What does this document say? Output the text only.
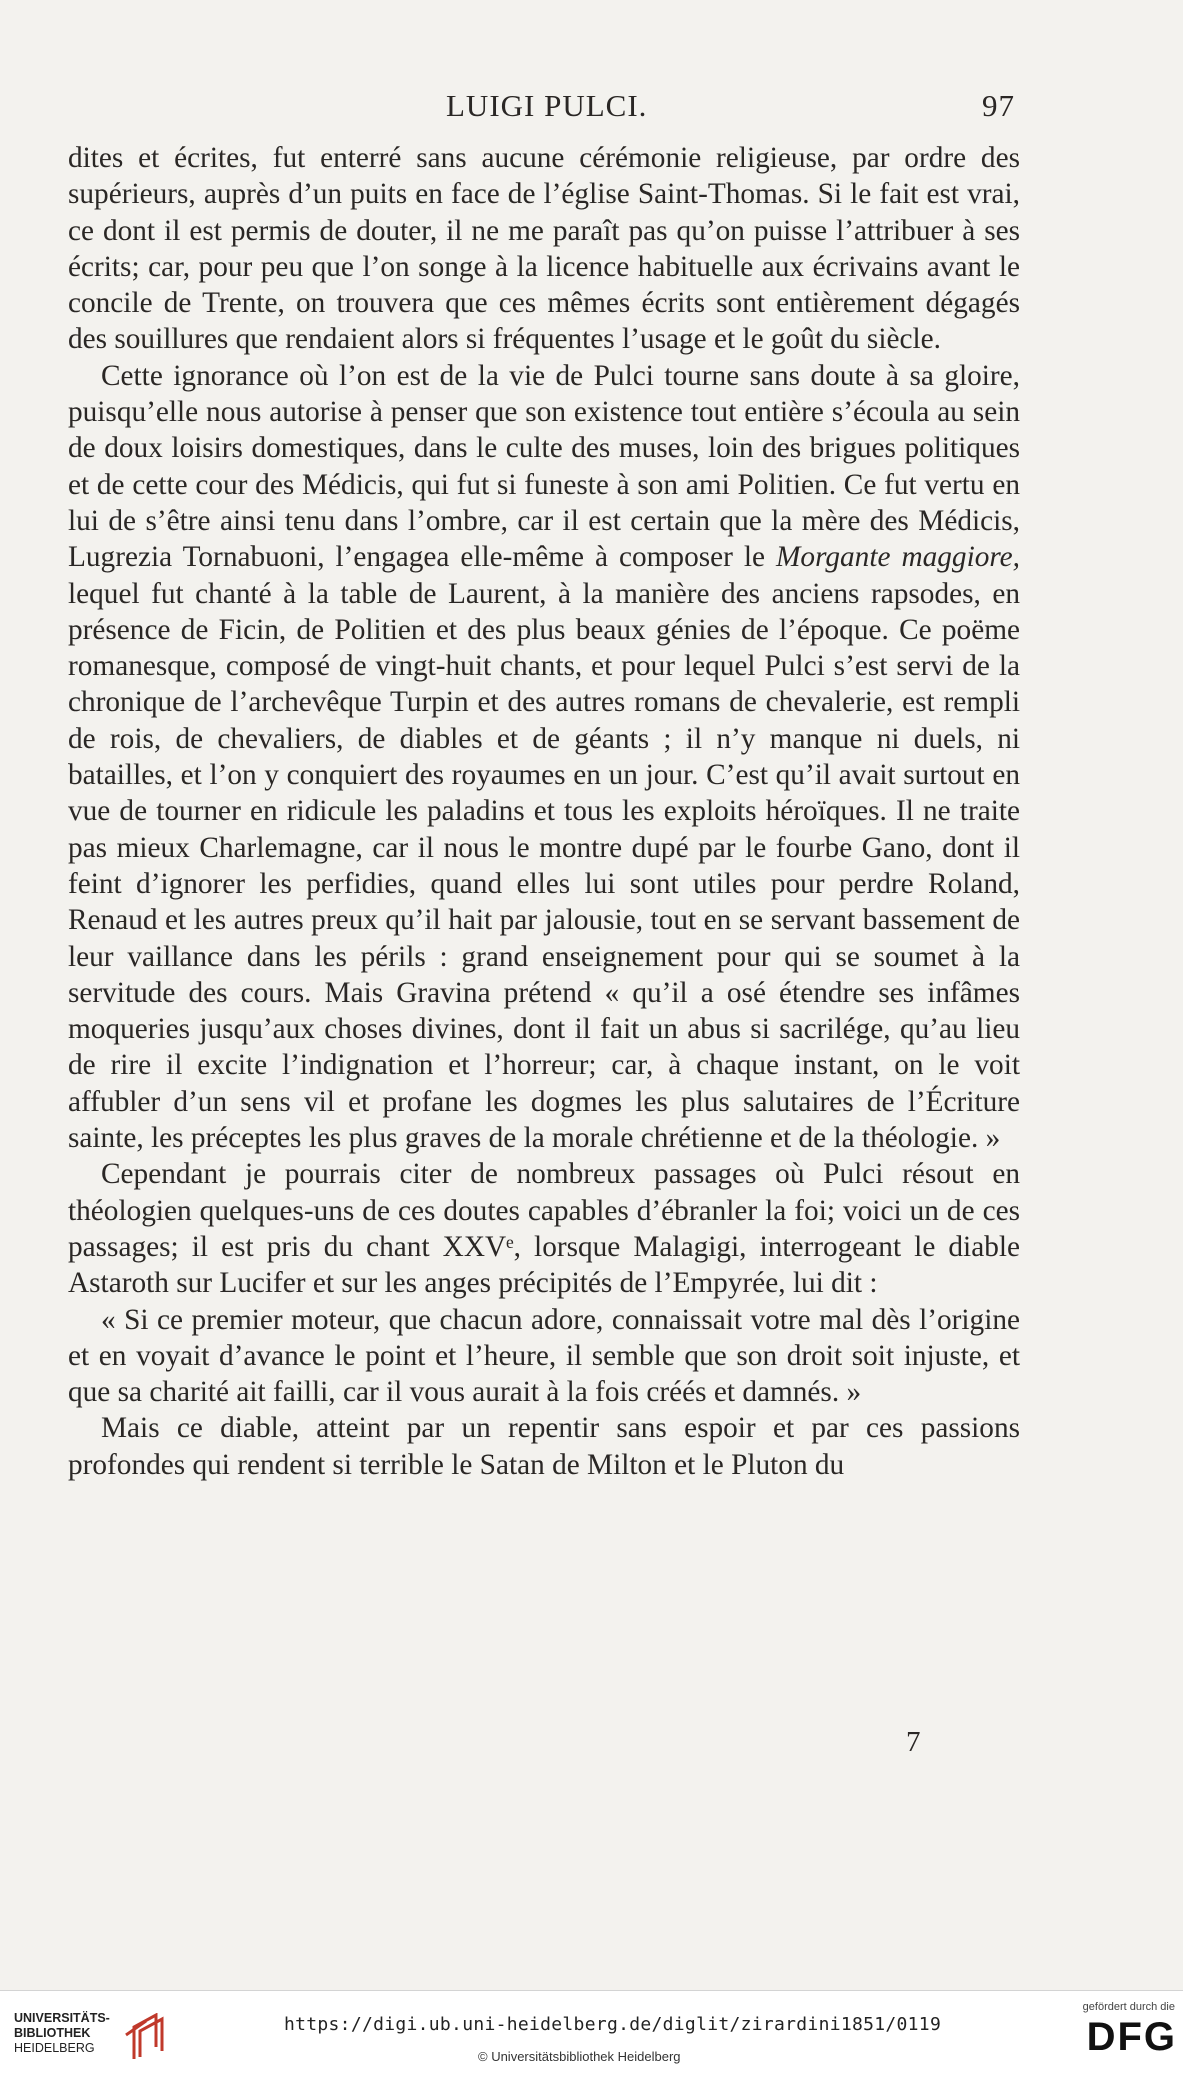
LUIGI PULCI.	97

dites et écrites, fut enterré sans aucune cérémonie religieuse, par ordre des supérieurs, auprès d’un puits en face de l’église Saint-Thomas. Si le fait est vrai, ce dont il est permis de douter, il ne me paraît pas qu’on puisse l’attribuer à ses écrits; car, pour peu que l’on songe à la licence habituelle aux écrivains avant le concile de Trente, on trouvera que ces mêmes écrits sont entièrement dégagés des souillures que rendaient alors si fréquentes l’usage et le goût du siècle.

Cette ignorance où l’on est de la vie de Pulci tourne sans doute à sa gloire, puisqu’elle nous autorise à penser que son existence tout entière s’écoula au sein de doux loisirs domestiques, dans le culte des muses, loin des brigues politiques et de cette cour des Médicis, qui fut si funeste à son ami Politien. Ce fut vertu en lui de s’être ainsi tenu dans l’ombre, car il est certain que la mère des Médicis, Lugrezia Tornabuoni, l’engagea elle-même à composer le Morgante maggiore, lequel fut chanté à la table de Laurent, à la manière des anciens rapsodes, en présence de Ficin, de Politien et des plus beaux génies de l’époque. Ce poëme romanesque, composé de vingt-huit chants, et pour lequel Pulci s’est servi de la chronique de l’archevêque Turpin et des autres romans de chevalerie, est rempli de rois, de chevaliers, de diables et de géants ; il n’y manque ni duels, ni batailles, et l’on y conquiert des royaumes en un jour. C’est qu’il avait surtout en vue de tourner en ridicule les paladins et tous les exploits héroïques. Il ne traite pas mieux Charlemagne, car il nous le montre dupé par le fourbe Gano, dont il feint d’ignorer les perfidies, quand elles lui sont utiles pour perdre Roland, Renaud et les autres preux qu’il hait par jalousie, tout en se servant bassement de leur vaillance dans les périls : grand enseignement pour qui se soumet à la servitude des cours. Mais Gravina prétend « qu’il a osé étendre ses infâmes moqueries jusqu’aux choses divines, dont il fait un abus si sacrilége, qu’au lieu de rire il excite l’indignation et l’horreur; car, à chaque instant, on le voit affubler d’un sens vil et profane les dogmes les plus salutaires de l’Écriture sainte, les préceptes les plus graves de la morale chrétienne et de la théologie. »

Cependant je pourrais citer de nombreux passages où Pulci résout en théologien quelques-uns de ces doutes capables d’ébranler la foi; voici un de ces passages; il est pris du chant XXVᵉ, lorsque Malagigi, interrogeant le diable Astaroth sur Lucifer et sur les anges précipités de l’Empyrée, lui dit :

« Si ce premier moteur, que chacun adore, connaissait votre mal dès l’origine et en voyait d’avance le point et l’heure, il semble que son droit soit injuste, et que sa charité ait failli, car il vous aurait à la fois créés et damnés. »

Mais ce diable, atteint par un repentir sans espoir et par ces passions profondes qui rendent si terrible le Satan de Milton et le Pluton du

7
UNIVERSITÄTS-
BIBLIOTHEK
HEIDELBERG
https://digi.ub.uni-heidelberg.de/diglit/zirardini1851/0119
© Universitätsbibliothek Heidelberg
gefördert durch die
DFG
